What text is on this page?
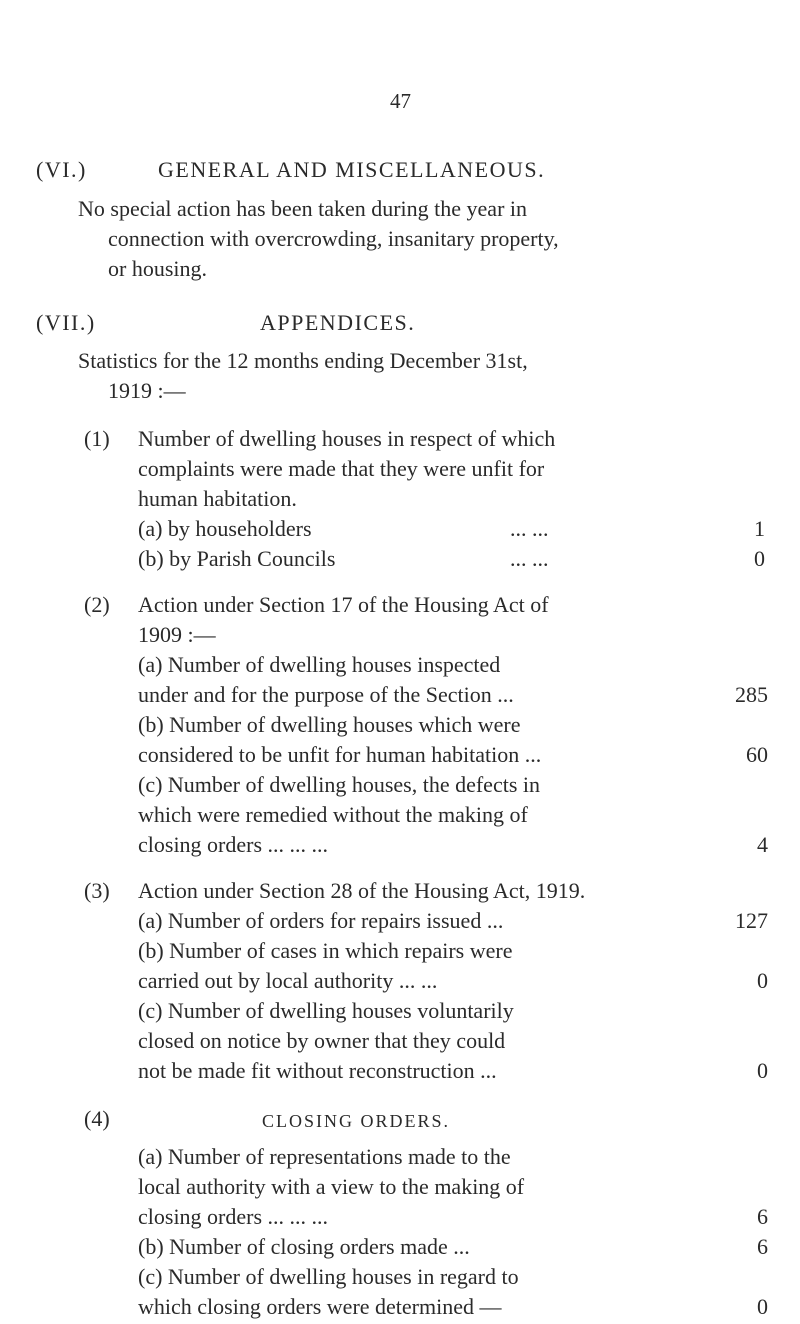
47
(VI.)	GENERAL AND MISCELLANEOUS.
No special action has been taken during the year in
connection with overcrowding, insanitary property,
or housing.
(VII.)	APPENDICES.
Statistics for the 12 months ending December 31st,
1919 :—
(1) Number of dwelling houses in respect of which
complaints were made that they were unfit for
human habitation.
(a) by householders	... ...	1
(b) by Parish Councils	... ...	0
(2) Action under Section 17 of the Housing Act of
1909 :—
(a) Number of dwelling houses inspected
under and for the purpose of the Section ...	285
(b) Number of dwelling houses which were
considered to be unfit for human habitation ...	60
(c) Number of dwelling houses, the defects in
which were remedied without the making of
closing orders ... ... ...	4
(3) Action under Section 28 of the Housing Act, 1919.
(a) Number of orders for repairs issued ...	127
(b) Number of cases in which repairs were
carried out by local authority ... ...	0
(c) Number of dwelling houses voluntarily
closed on notice by owner that they could
not be made fit without reconstruction ...	0
(4)	CLOSING ORDERS.
(a) Number of representations made to the
local authority with a view to the making of
closing orders ... ... ...	6
(b) Number of closing orders made ...	6
(c) Number of dwelling houses in regard to
which closing orders were determined —	0
